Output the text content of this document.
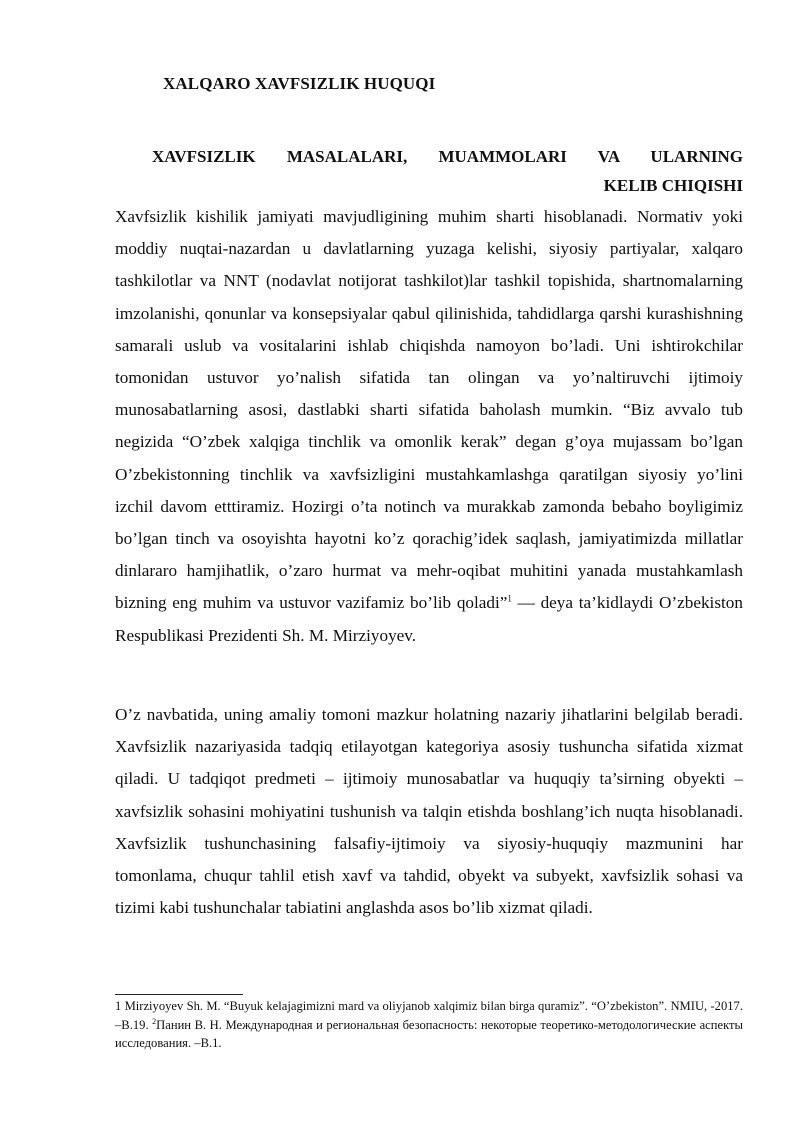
XALQARO XAVFSIZLIK HUQUQI
XAVFSIZLIK MASALALARI, MUAMMOLARI VA ULARNING
KELIB CHIQISHI

Xavfsizlik kishilik jamiyati mavjudligining muhim sharti hisoblanadi. Normativ yoki moddiy nuqtai-nazardan u davlatlarning yuzaga kelishi, siyosiy partiyalar, xalqaro tashkilotlar va NNT (nodavlat notijorat tashkilot)lar tashkil topishida, shartnomalarning imzolanishi, qonunlar va konsepsiyalar qabul qilinishida, tahdidlarga qarshi kurashishning samarali uslub va vositalarini ishlab chiqishda namoyon bo’ladi. Uni ishtirokchilar tomonidan ustuvor yo’nalish sifatida tan olingan va yo’naltiruvchi ijtimoiy munosabatlarning asosi, dastlabki sharti sifatida baholash mumkin. “Biz avvalo tub negizida “O’zbek xalqiga tinchlik va omonlik kerak” degan g’oya mujassam bo’lgan O’zbekistonning tinchlik va xavfsizligini mustahkamlashga qaratilgan siyosiy yo’lini izchil davom etttiramiz. Hozirgi o’ta notinch va murakkab zamonda bebaho boyligimiz bo’lgan tinch va osoyishta hayotni ko’z qorachig’idek saqlash, jamiyatimizda millatlar dinlararo hamjihatlik, o’zaro hurmat va mehr-oqibat muhitini yanada mustahkamlash bizning eng muhim va ustuvor vazifamiz bo’lib qoladi”$^1$ — deya ta’kidlaydi O’zbekiston Respublikasi Prezidenti Sh. M. Mirziyoyev.

O’z navbatida, uning amaliy tomoni mazkur holatning nazariy jihatlarini belgilab beradi. Xavfsizlik nazariyasida tadqiq etilayotgan kategoriya asosiy tushuncha sifatida xizmat qiladi. U tadqiqot predmeti – ijtimoiy munosabatlar va huquqiy ta’sirning obyekti – xavfsizlik sohasini mohiyatini tushunish va talqin etishda boshlang’ich nuqta hisoblanadi. Xavfsizlik tushunchasining falsafiy-ijtimoiy va siyosiy-huquqiy mazmunini har tomonlama, chuqur tahlil etish xavf va tahdid, obyekt va subyekt, xavfsizlik sohasi va tizimi kabi tushunchalar tabiatini anglashda asos bo’lib xizmat qiladi.

1 Mirziyoyev Sh. M. “Buyuk kelajagimizni mard va oliyjanob xalqimiz bilan birga quramiz”. “O’zbekiston”. NMIU, -2017. –B.19. $^2$Панин В. Н. Международная и региональная безопасность: некоторые теоретико-методологические аспекты исследования. –B.1.
